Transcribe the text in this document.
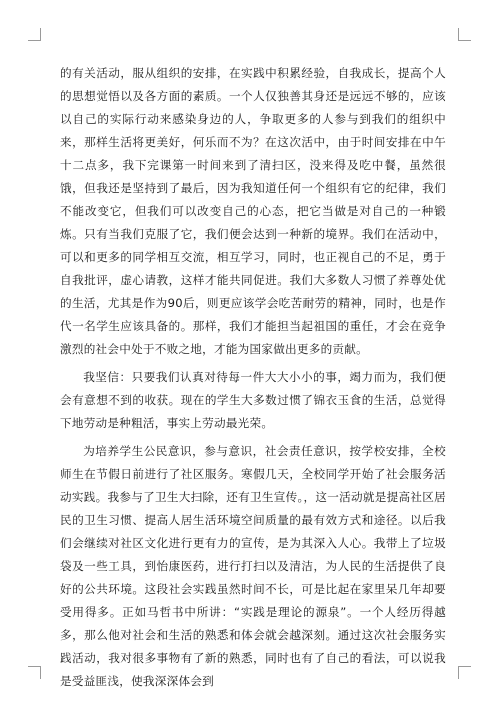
的有关活动，服从组织的安排，在实践中积累经验，自我成长，提高个人的思想觉悟以及各方面的素质。一个人仅独善其身还是远远不够的，应该以自己的实际行动来感染身边的人，争取更多的人参与到我们的组织中来，那样生活将更美好，何乐而不为？在这次活中，由于时间安排在中午十二点多，我下完课第一时间来到了清扫区，没来得及吃中餐，虽然很饿，但我还是坚持到了最后，因为我知道任何一个组织有它的纪律，我们不能改变它，但我们可以改变自己的心态，把它当做是对自己的一种锻炼。只有当我们克服了它，我们便会达到一种新的境界。我们在活动中，可以和更多的同学相互交流，相互学习，同时，也正视自己的不足，勇于自我批评，虚心请教，这样才能共同促进。我们大多数人习惯了养尊处优的生活，尤其是作为90后，则更应该学会吃苦耐劳的精神，同时，也是作代一名学生应该具备的。那样，我们才能担当起祖国的重任，才会在竞争激烈的社会中处于不败之地，才能为国家做出更多的贡献。

我坚信：只要我们认真对待每一件大大小小的事，竭力而为，我们便会有意想不到的收获。现在的学生大多数过惯了锦衣玉食的生活，总觉得下地劳动是种粗活，事实上劳动最光荣。

为培养学生公民意识，参与意识，社会责任意识，按学校安排，全校师生在节假日前进行了社区服务。寒假几天，全校同学开始了社会服务活动实践。我参与了卫生大扫除，还有卫生宣传。，这一活动就是提高社区居民的卫生习惯、提高人居生活环境空间质量的最有效方式和途径。以后我们会继续对社区文化进行更有力的宣传，是为其深入人心。我带上了垃圾袋及一些工具，到怡康医药，进行打扫以及清洁，为人民的生活提供了良好的公共环境。这段社会实践虽然时间不长，可是比起在家里呆几年却要受用得多。正如马哲书中所讲：“实践是理论的源泉”。一个人经历得越多，那么他对社会和生活的熟悉和体会就会越深刻。通过这次社会服务实践活动，我对很多事物有了新的熟悉，同时也有了自己的看法，可以说我是受益匪浅，使我深深体会到
